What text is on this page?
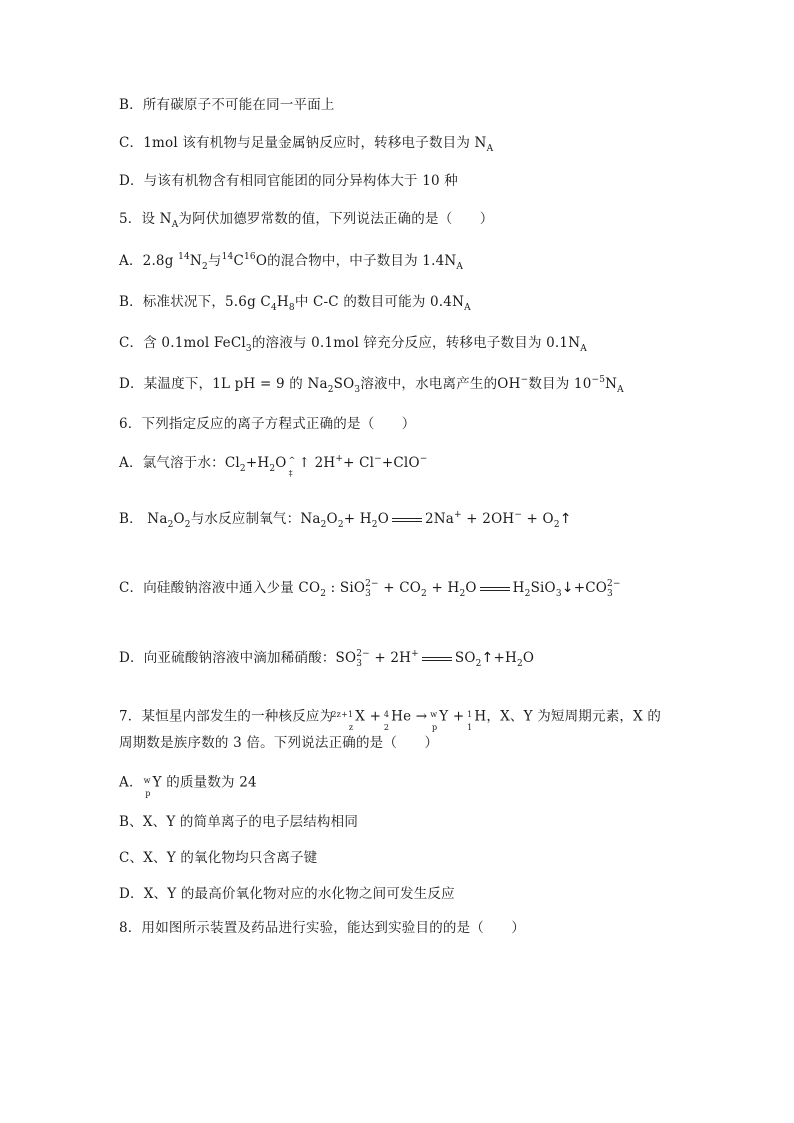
B．所有碳原子不可能在同一平面上
C．1mol 该有机物与足量金属钠反应时，转移电子数目为 $N_A$
D．与该有机物含有相同官能团的同分异构体大于 10 种
5．设 $N_A$为阿伏加德罗常数的值，下列说法正确的是（　　）
A．2.8g $^{14}N_2$与$^{14}C^{16}O$的混合物中，中子数目为 $1.4N_A$
B．标准状况下，5.6g $C_4H_8$中 C-C 的数目可能为 $0.4N_A$
C．含 0.1mol FeCl$_3$的溶液与 0.1mol 锌充分反应，转移电子数目为 $0.1N_A$
D．某温度下，1L pH = 9 的 $Na_2SO_3$溶液中，水电离产生的OH−数目为 $10^{-5}N_A$
6．下列指定反应的离子方程式正确的是（　　）
A．氯气溶于水：$Cl_2+H_2O$ ^
‡
↑ 2H++ Cl−+ClO−
B． $Na_2O_2$与水反应制氧气：$Na_2O_2+ H_2O$	$2Na^+ + 2OH^- + O_2↑$
C．向硅酸钠溶液中通入少量 $CO_2$ : $SiO_3^{2-} + CO_2 + H_2O$	$H_2SiO_3↓+CO_3^{2-}$
D．向亚硫酸钠溶液中滴加稀硝酸：$SO_3^{2-} + 2H^+$	$SO_2↑+H_2O$
7．某恒星内部发生的一种核反应为
2z+1
z
X + 4
2
He → w
p
Y + 1
1
H，X、Y 为短周期元素，X 的
周期数是族序数的 3 倍。下列说法正确的是（　　）
A． w
p
Y 的质量数为 24
B、X、Y 的简单离子的电子层结构相同
C、X、Y 的氧化物均只含离子键
D．X、Y 的最高价氧化物对应的水化物之间可发生反应
8．用如图所示装置及药品进行实验，能达到实验目的的是（　　）
